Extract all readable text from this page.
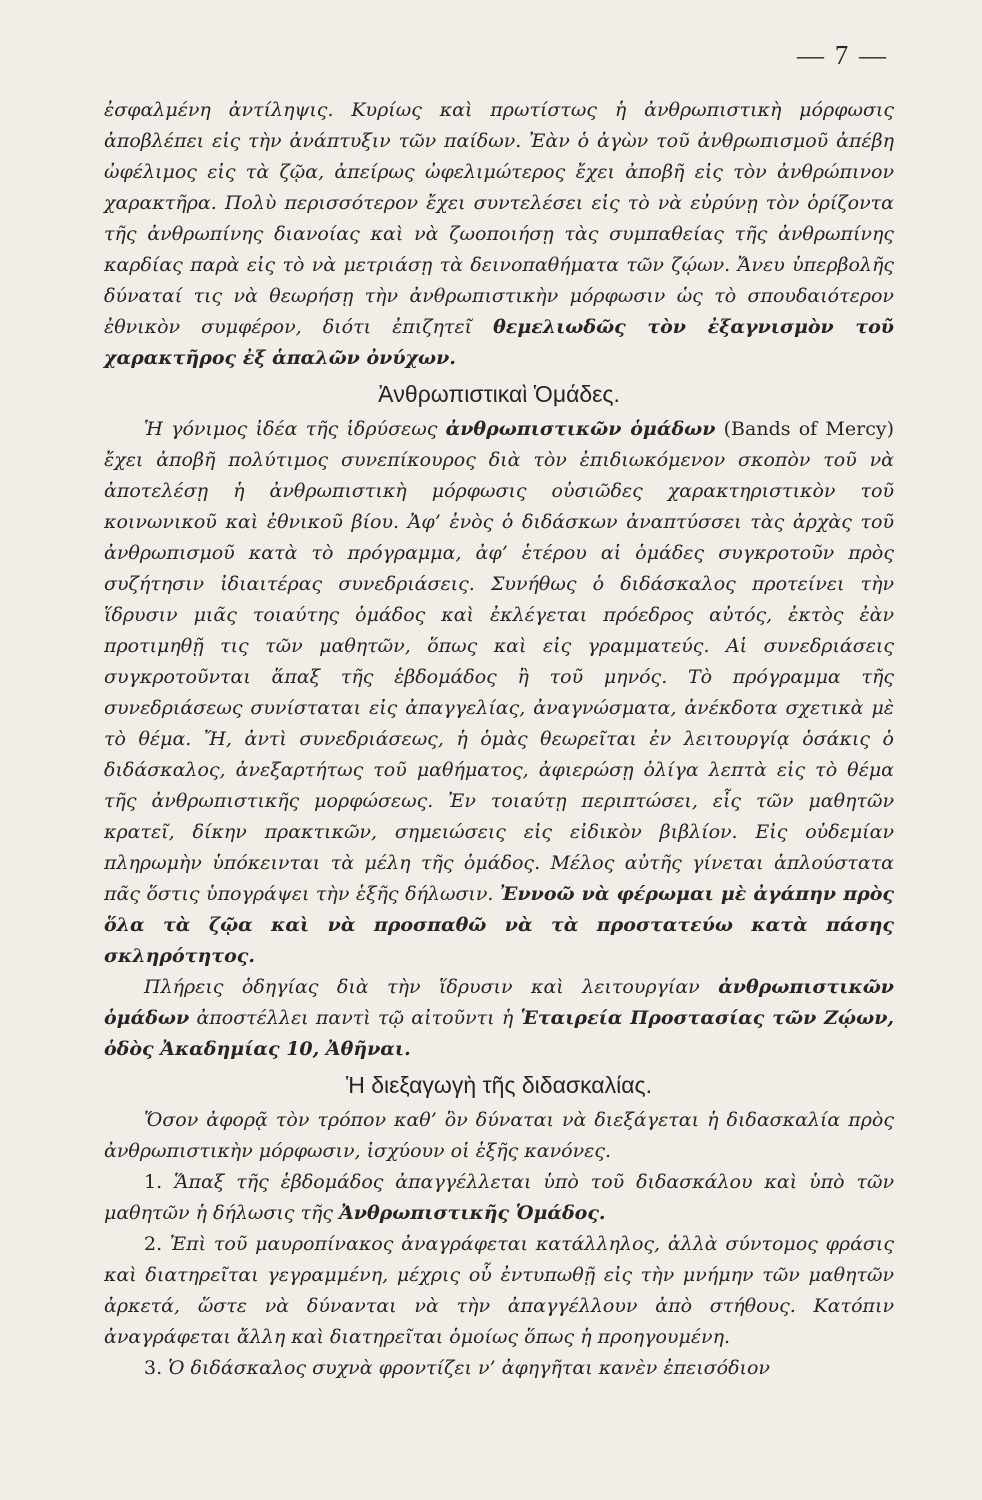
— 7 —

ἐσφαλμένη ἀντίληψις. Κυρίως καὶ πρωτίστως ἡ ἀνθρωπιστικὴ μόρφωσις ἀποβλέπει εἰς τὴν ἀνάπτυξιν τῶν παίδων. Ἐὰν ὁ ἀγὼν τοῦ ἀνθρωπισμοῦ ἀπέβη ὠφέλιμος εἰς τὰ ζῷα, ἀπείρως ὠφελιμώτερος ἔχει ἀποβῆ εἰς τὸν ἀνθρώπινον χαρακτῆρα. Πολὺ περισσότερον ἔχει συντελέσει εἰς τὸ νὰ εὐρύνῃ τὸν ὁρίζοντα τῆς ἀνθρωπίνης διανοίας καὶ νὰ ζωοποιήσῃ τὰς συμπαθείας τῆς ἀνθρωπίνης καρδίας παρὰ εἰς τὸ νὰ μετριάσῃ τὰ δεινοπαθήματα τῶν ζῴων. Ἄνευ ὑπερβολῆς δύναταί τις νὰ θεωρήσῃ τὴν ἀνθρωπιστικὴν μόρφωσιν ὡς τὸ σπουδαιότερον ἐθνικὸν συμφέρον, διότι ἐπιζητεῖ θεμελιωδῶς τὸν ἐξαγνισμὸν τοῦ χαρακτῆρος ἐξ ἁπαλῶν ὀνύχων.

Ἀνθρωπιστικαὶ Ὁμάδες.

Ἡ γόνιμος ἰδέα τῆς ἱδρύσεως ἀνθρωπιστικῶν ὁμάδων (Bands of Mercy) ἔχει ἀποβῆ πολύτιμος συνεπίκουρος διὰ τὸν ἐπιδιωκόμενον σκοπὸν τοῦ νὰ ἀποτελέσῃ ἡ ἀνθρωπιστικὴ μόρφωσις οὐσιῶδες χαρακτηριστικὸν τοῦ κοινωνικοῦ καὶ ἐθνικοῦ βίου. Ἀφ’ ἑνὸς ὁ διδάσκων ἀναπτύσσει τὰς ἀρχὰς τοῦ ἀνθρωπισμοῦ κατὰ τὸ πρόγραμμα, ἀφ’ ἑτέρου αἱ ὁμάδες συγκροτοῦν πρὸς συζήτησιν ἰδιαιτέρας συνεδριάσεις. Συνήθως ὁ διδάσκαλος προτείνει τὴν ἵδρυσιν μιᾶς τοιαύτης ὁμάδος καὶ ἐκλέγεται πρόεδρος αὐτός, ἐκτὸς ἐὰν προτιμηθῇ τις τῶν μαθητῶν, ὅπως καὶ εἰς γραμματεύς. Αἱ συνεδριάσεις συγκροτοῦνται ἅπαξ τῆς ἑβδομάδος ἢ τοῦ μηνός. Τὸ πρόγραμμα τῆς συνεδριάσεως συνίσταται εἰς ἀπαγγελίας, ἀναγνώσματα, ἀνέκδοτα σχετικὰ μὲ τὸ θέμα. Ἤ, ἀντὶ συνεδριάσεως, ἡ ὁμὰς θεωρεῖται ἐν λειτουργίᾳ ὁσάκις ὁ διδάσκαλος, ἀνεξαρτήτως τοῦ μαθήματος, ἀφιερώσῃ ὀλίγα λεπτὰ εἰς τὸ θέμα τῆς ἀνθρωπιστικῆς μορφώσεως. Ἐν τοιαύτῃ περιπτώσει, εἷς τῶν μαθητῶν κρατεῖ, δίκην πρακτικῶν, σημειώσεις εἰς εἰδικὸν βιβλίον. Εἰς οὐδεμίαν πληρωμὴν ὑπόκεινται τὰ μέλη τῆς ὁμάδος. Μέλος αὐτῆς γίνεται ἁπλούστατα πᾶς ὅστις ὑπογράψει τὴν ἑξῆς δήλωσιν. Ἐννοῶ νὰ φέρωμαι μὲ ἀγάπην πρὸς ὅλα τὰ ζῷα καὶ νὰ προσπαθῶ νὰ τὰ προστατεύω κατὰ πάσης σκληρότητος.

Πλήρεις ὁδηγίας διὰ τὴν ἵδρυσιν καὶ λειτουργίαν ἀνθρωπιστικῶν ὁμάδων ἀποστέλλει παντὶ τῷ αἰτοῦντι ἡ Ἑταιρεία Προστασίας τῶν Ζῴων, ὁδὸς Ἀκαδημίας 10, Ἀθῆναι.

Ἡ διεξαγωγὴ τῆς διδασκαλίας.

Ὅσον ἀφορᾷ τὸν τρόπον καθ’ ὃν δύναται νὰ διεξάγεται ἡ διδασκαλία πρὸς ἀνθρωπιστικὴν μόρφωσιν, ἰσχύουν οἱ ἑξῆς κανόνες.

1. Ἅπαξ τῆς ἑβδομάδος ἀπαγγέλλεται ὑπὸ τοῦ διδασκάλου καὶ ὑπὸ τῶν μαθητῶν ἡ δήλωσις τῆς Ἀνθρωπιστικῆς Ὁμάδος.

2. Ἐπὶ τοῦ μαυροπίνακος ἀναγράφεται κατάλληλος, ἀλλὰ σύντομος φράσις καὶ διατηρεῖται γεγραμμένη, μέχρις οὗ ἐντυπωθῇ εἰς τὴν μνήμην τῶν μαθητῶν ἀρκετά, ὥστε νὰ δύνανται νὰ τὴν ἀπαγγέλλουν ἀπὸ στήθους. Κατόπιν ἀναγράφεται ἄλλη καὶ διατηρεῖται ὁμοίως ὅπως ἡ προηγουμένη.

3. Ὁ διδάσκαλος συχνὰ φροντίζει ν’ ἀφηγῆται κανὲν ἐπεισόδιον
